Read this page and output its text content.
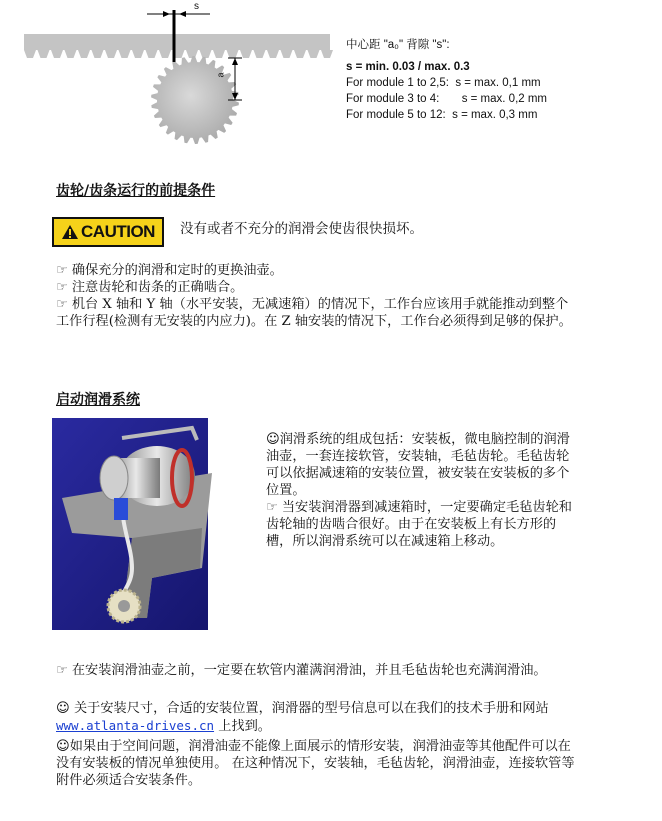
s
a
中心距 "a₀" 背隙 "s":
s = min. 0.03 / max. 0.3
For module 1 to 2,5: s = max. 0,1 mm
For module 3 to 4: s = max. 0,2 mm
For module 5 to 12: s = max. 0,3 mm
齿轮/齿条运行的前提条件
CAUTION 没有或者不充分的润滑会使齿很快损坏。
☞ 确保充分的润滑和定时的更换油壶。
☞ 注意齿轮和齿条的正确啮合。
☞ 机台 X 轴和 Y 轴（水平安装，无减速箱）的情况下，工作台应该用手就能推动到整个工作行程(检测有无安装的内应力)。在 Z 轴安装的情况下，工作台必须得到足够的保护。
启动润滑系统
☺润滑系统的组成包括：安装板，微电脑控制的润滑油壶，一套连接软管，安装轴，毛毡齿轮。毛毡齿轮可以依据减速箱的安装位置，被安装在安装板的多个位置。
☞ 当安装润滑器到减速箱时，一定要确定毛毡齿轮和齿轮轴的齿啮合很好。由于在安装板上有长方形的槽，所以润滑系统可以在减速箱上移动。
☞ 在安装润滑油壶之前，一定要在软管内灌满润滑油，并且毛毡齿轮也充满润滑油。
☺ 关于安装尺寸，合适的安装位置，润滑器的型号信息可以在我们的技术手册和网站www.atlanta-drives.cn 上找到。
☺如果由于空间问题，润滑油壶不能像上面展示的情形安装，润滑油壶等其他配件可以在没有安装板的情况单独使用。 在这种情况下，安装轴，毛毡齿轮，润滑油壶，连接软管等附件必须适合安装条件。
